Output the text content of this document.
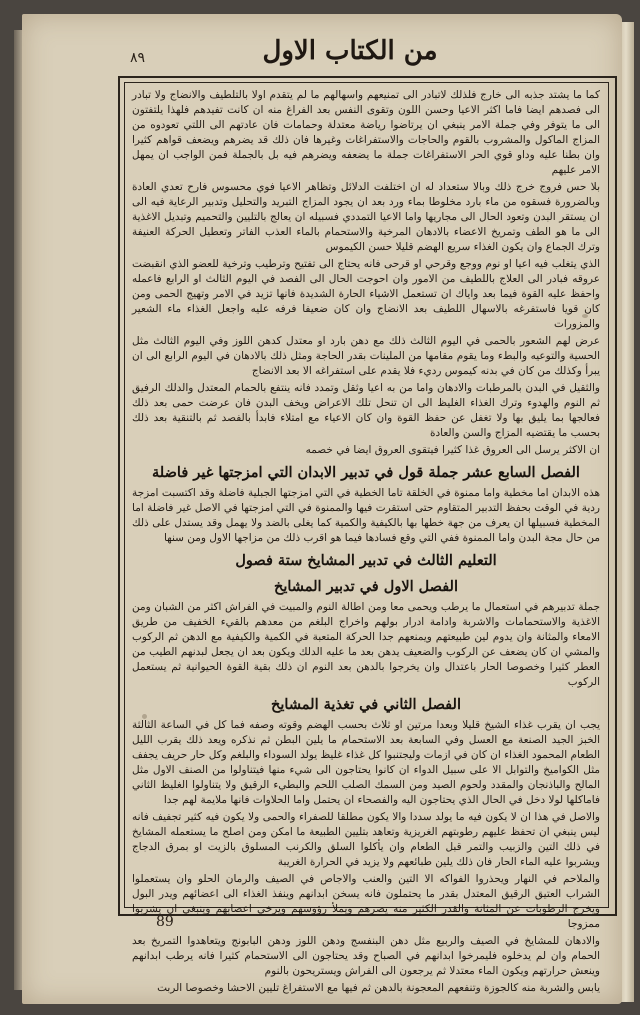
٨٩	من الكتاب الاول

كما ما يشتد جذبه الى خارج فلذلك لاتبادر الى تمنيعهم واسهالهم ما لم يتقدم اولا بالتلطيف والانضاج ولا تبادر الى فصدهم ايضا فاما اكثر الاعيا وحسن اللون وتقوى النفس بعد الفراغ منه ان كانت تفيدهم فلهذا يلتفتون الى ما يتوفر وفي جملة الامر ينبغي ان يرتاضوا رياضة معتدلة وحمامات فان عادتهم الى اللتي تعودوه من المزاج الماكول والمشروب بالقوم والحاجات والاستفراغات وغيرها فان ذلك قد يضرهم ويضعف قواهم كثيرا وان بطنا عليه وداو قوي الحر الاستفراغات جملة ما يضعفه ويضرهم فيه بل بالجملة فمن الواجب ان يمهل الامر عليهم

بلا حس فروج خرج ذلك وبالا ستعداد له ان اختلفت الدلائل وتظاهر الاعيا فوي محسوس فارح تعدي العادة وبالضرورة فسقوه من ماء بارد مخلوطا بماء ورد بعد ان يجود المزاج التبريد والتحليل وتدبير الرعاية فيه الى ان يستقر البدن وتعود الحال الى مجاريها واما الاعيا التمددي فسبيله ان يعالج بالتليين والتحميم وتبديل الاغذية الى ما هو الطف وتمريخ الاعضاء بالادهان المرخية والاستحمام بالماء العذب الفاتر وتعطيل الحركة العنيفة وترك الجماع وان يكون الغذاء سريع الهضم قليلا حسن الكيموس

الذي يتغلب فيه اعيا او نوم ووجع وقرحي او قرحى فانه يحتاج الى تفتيح وترطيب وترخية للعضو الذي انقبضت عروقه فبادر الى العلاج باللطيف من الامور وان احوجت الحال الى الفصد في اليوم الثالث او الرابع فاعمله واحفظ عليه القوة فيما بعد واياك ان تستعمل الاشياء الحارة الشديدة فانها تزيد في الامر وتهيج الحمى ومن كان قويا فاستفرغه بالاسهال اللطيف بعد الانضاج وان كان ضعيفا فرفه عليه واجعل الغذاء ماء الشعير والمزورات

عرض لهم الشعور بالحمى في اليوم الثالث ذلك مع دهن بارد او معتدل كدهن اللوز وفي اليوم الثالث مثل الحسية والتوعيه والبطء وما يقوم مقامها من الملينات بقدر الحاجة ومثل ذلك بالادهان في اليوم الرابع الى ان يبرأ وكذلك من كان في بدنه كيموس رديء فلا يقدم على استفراغه الا بعد الانضاج

والثقيل في البدن بالمرطبات والادهان واما من به اعيا وثقل وتمدد فانه ينتفع بالحمام المعتدل والدلك الرفيق ثم النوم والهدوء وترك الغذاء الغليظ الى ان تنحل تلك الاعراض ويخف البدن فان عرضت حمى بعد ذلك فعالجها بما يليق بها ولا تغفل عن حفظ القوة وان كان الاعياء مع امتلاء فابدأ بالفصد ثم بالتنقية بعد ذلك بحسب ما يقتضيه المزاج والسن والعادة

ان الاكثر يرسل الى العروق غذا كثيرا فيتقوى العروق ايضا في خصمه

الفصل السابع عشر جملة قول في تدبير الابدان التي امزجتها غير فاضلة

هذه الابدان اما مخطية واما ممنوة في الخلقة تاما الخطية في التي امزجتها الجبلية فاضلة وقد اكتسبت امزجة ردية في الوقت بحفظ التدبير المتقاوم حتى استقرت فيها والممنوة في التي امزجتها في الاصل غير فاضلة اما المخطية فسبيلها ان يعرف من جهة خطها بها بالكيفية والكمية كما يغلى بالضد ولا يهمل وقد يستدل على ذلك من حال مجة البدن واما الممنوة ففي التي وقع فسادها فيما هو اقرب ذلك من مزاجها الاول ومن سنها

التعليم الثالث في تدبير المشايخ ستة فصول
الفصل الاول في تدبير المشايخ

جملة تدبيرهم في استعمال ما يرطب ويحمى معا ومن اطالة النوم والمبيت في الفراش اكثر من الشبان ومن الاغذية والاستحمامات والاشربة وادامة ادرار بولهم واخراج البلغم من معدهم بالقيء الخفيف من طريق الامعاء والمثانة وان يدوم لين طبيعتهم ويمنعهم جدا الحركة المتعبة في الكمية والكيفية مع الدهن ثم الركوب والمشي ان كان يضعف عن الركوب والضعيف يدهن بعد ما عليه الدلك ويكون بعد ان يجعل لبدنهم الطيب من العطر كثيرا وخصوصا الحار باعتدال وان يخرجوا بالدهن بعد النوم ان ذلك بقية القوة الحيوانية ثم يستعمل الركوب

الفصل الثاني في تغذية المشايخ

يجب ان يقرب غذاء الشيخ قليلا وبعدا مرتين او ثلاث بحسب الهضم وقوته وصفه فما كل في الساعة الثالثة الخبز الجيد الصنعة مع العسل وفي السابعة بعد الاستحمام ما يلين البطن ثم نذكره ويعد ذلك يقرب الليل الطعام المحمود الغذاء ان كان في ازمات وليجتنبوا كل غذاء غليظ يولد السوداء والبلغم وكل حار حريف يجفف مثل الكواميخ والتوابل الا على سبيل الدواء ان كانوا يحتاجون الى شيء منها فيتناولوا من الصنف الاول مثل المالح والباذنجان والمقدد ولحوم الصيد ومن السمك الصلب اللحم والبطيء الرقيق ولا يتناولوا الغليظ الثاني فاماكلها لولا دخل في الحال الذي يحتاجون اليه والفصحاء ان يحتمل واما الحلاوات فانها ملايمة لهم جدا

والاصل في هذا ان لا يكون فيه ما يولد سددا والا يكون مطلقا للصفراء والحمى ولا يكون فيه كثير تجفيف فانه ليس ينبغي ان تحفظ عليهم رطوبتهم الغريزية وتعاهد بتليين الطبيعة ما امكن ومن اصلح ما يستعمله المشايخ في ذلك التين والزبيب والتمر قبل الطعام وان يأكلوا السلق والكرنب المسلوق بالزيت او بمرق الدجاج ويشربوا عليه الماء الحار فان ذلك يلين طبائعهم ولا يزيد في الحرارة الغريبة

والملاحم في النهار ويحذروا الفواكه الا التين والعنب والاجاص في الصيف والرمان الحلو وان يستعملوا الشراب العتيق الرقيق المعتدل بقدر ما يحتملون فانه يسخن ابدانهم وينفذ الغذاء الى اعضائهم ويدر البول ويخرج الرطوبات عن المثانة والقدر الكثير منه يضرهم ويملأ رؤوسهم ويرخي اعصابهم وينبغي ان يشربوا ممزوجا

والادهان للمشايخ في الصيف والربيع مثل دهن البنفسج ودهن اللوز ودهن البابونج ويتعاهدوا التمريخ بعد الحمام وان لم يدخلوه فليمرخوا ابدانهم في الصباح وقد يحتاجون الى الاستحمام كثيرا فانه يرطب ابدانهم وينعش حرارتهم ويكون الماء معتدلا ثم يرجعون الى الفراش ويستريحون بالنوم

يابس والشربة منه كالجوزة وتنفعهم المعجونة بالدهن ثم فيها مع الاستفراغ تليين الاحشا وخصوصا الربت

89
